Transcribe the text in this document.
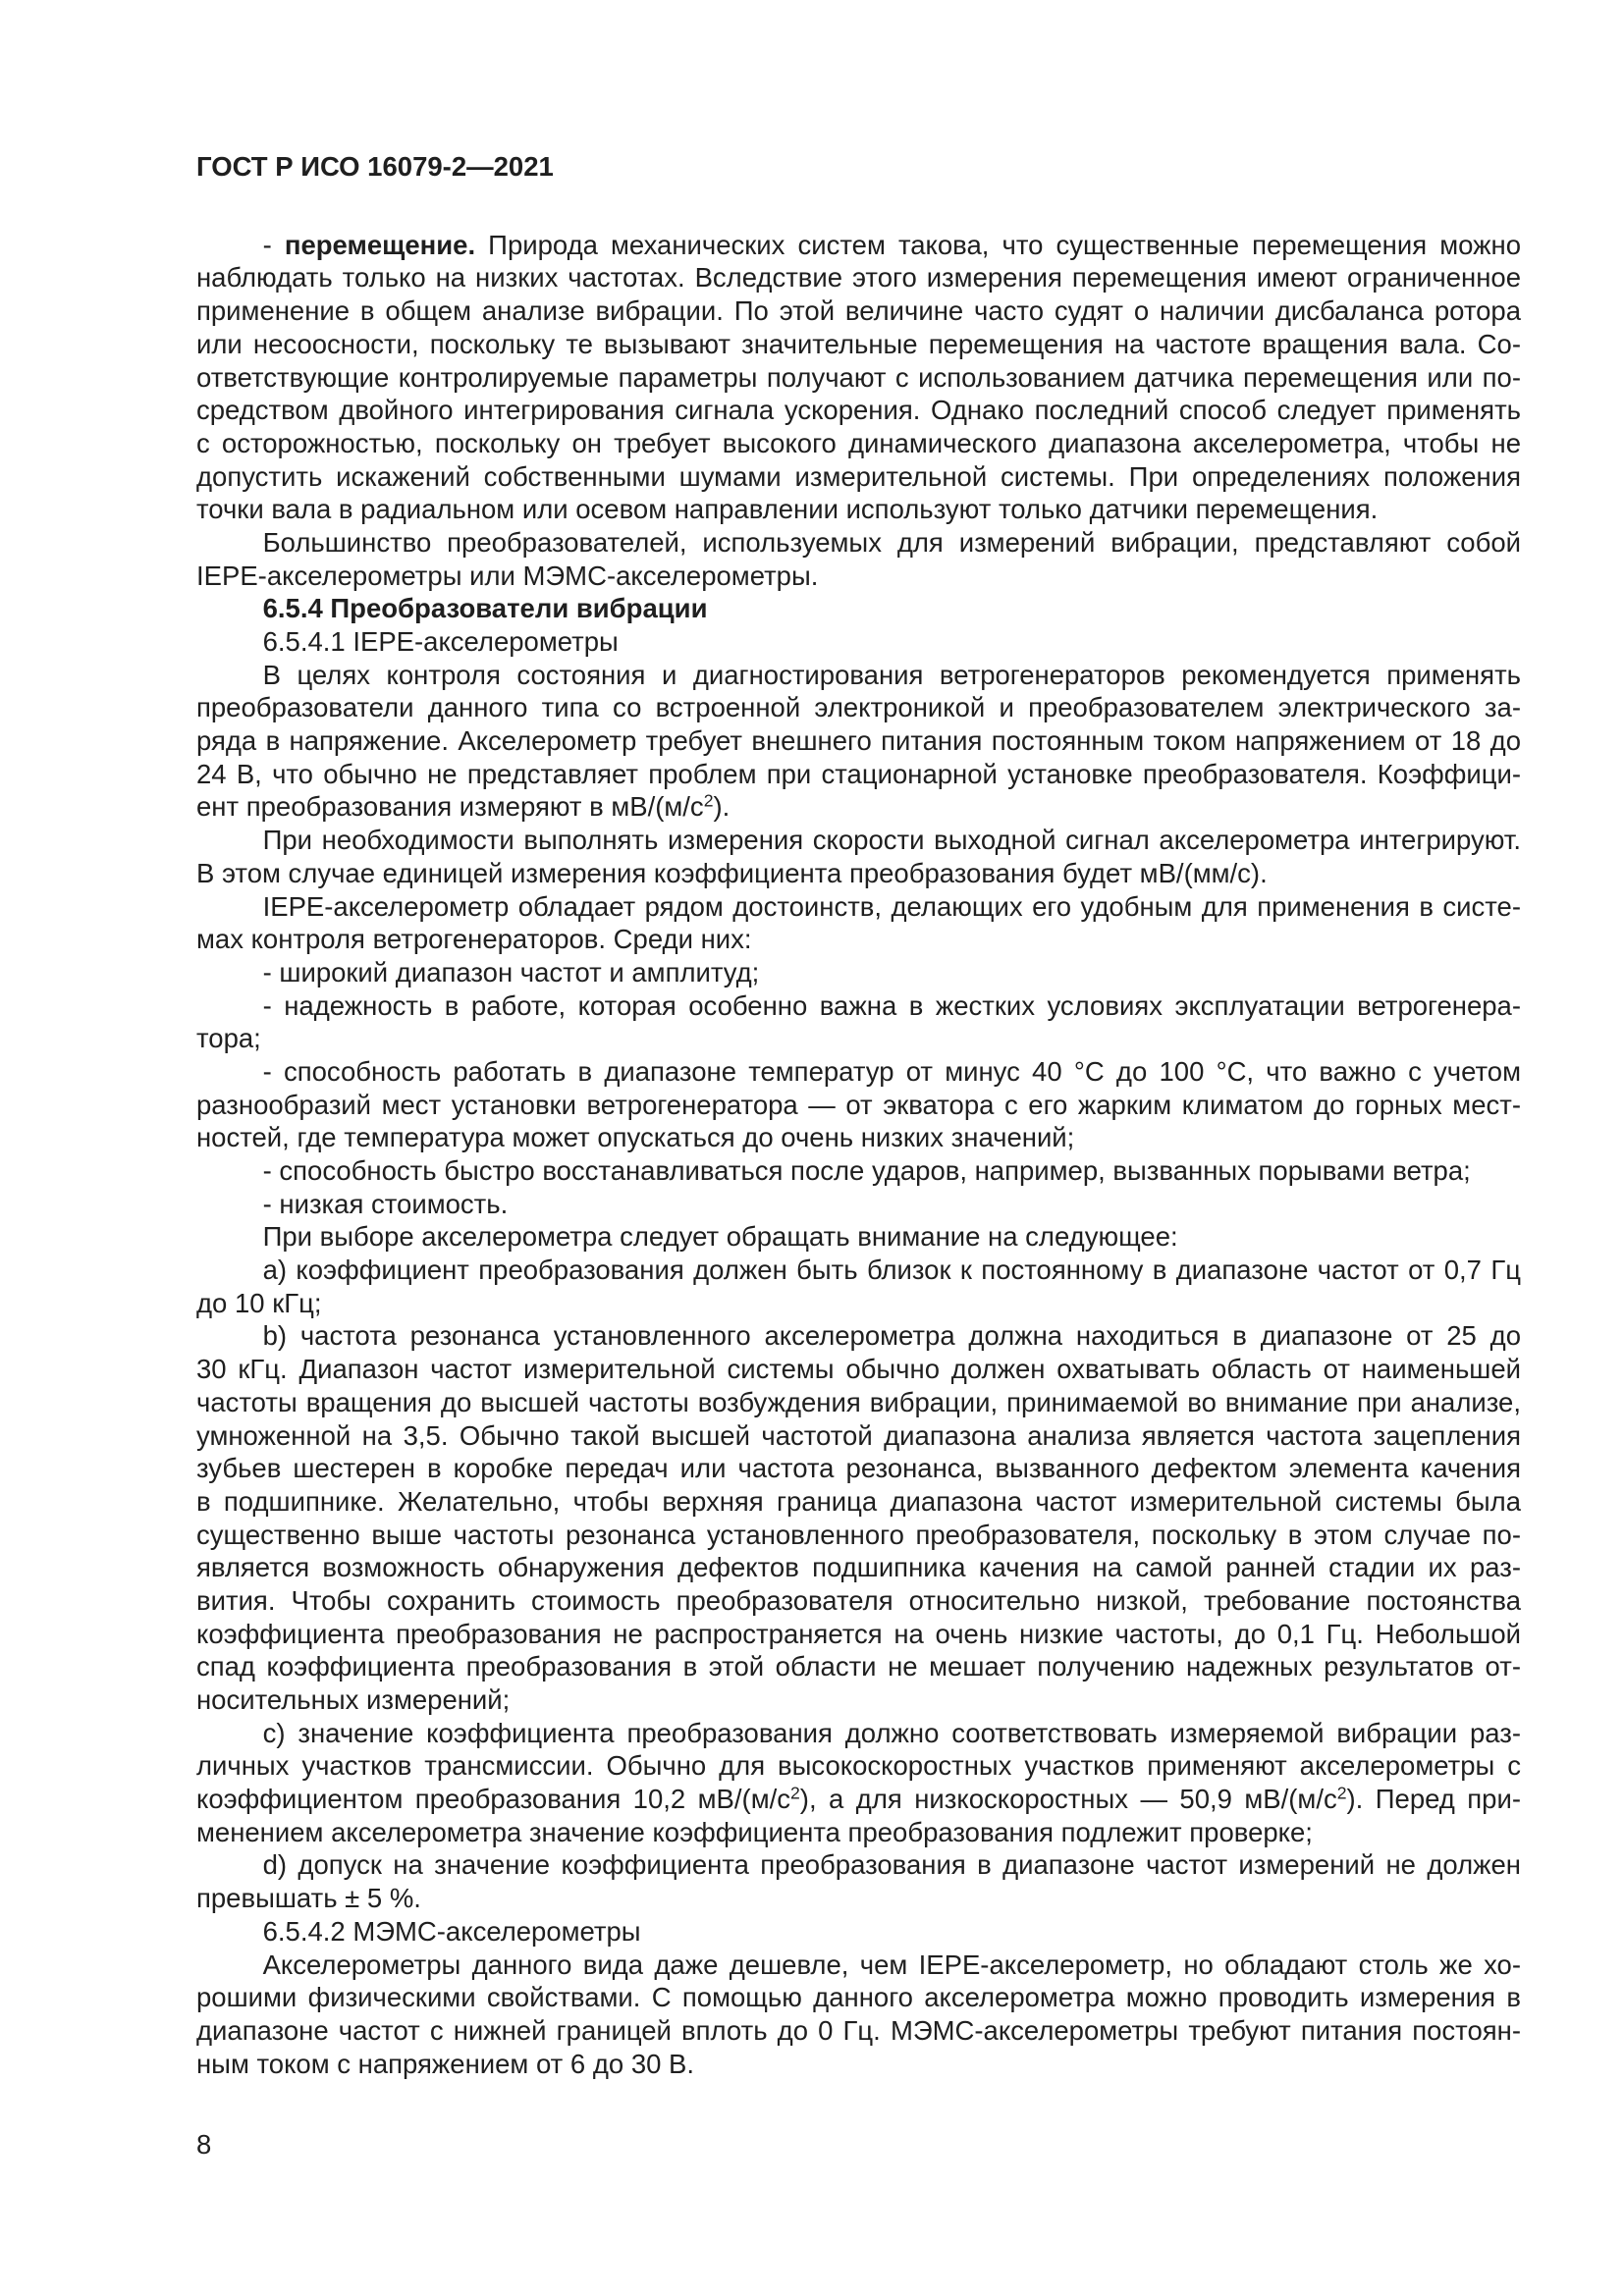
ГОСТ Р ИСО 16079-2—2021
- перемещение. Природа механических систем такова, что существенные перемещения можно
наблюдать только на низких частотах. Вследствие этого измерения перемещения имеют ограниченное
применение в общем анализе вибрации. По этой величине часто судят о наличии дисбаланса ротора
или несоосности, поскольку те вызывают значительные перемещения на частоте вращения вала. Со-
ответствующие контролируемые параметры получают с использованием датчика перемещения или по-
средством двойного интегрирования сигнала ускорения. Однако последний способ следует применять
с осторожностью, поскольку он требует высокого динамического диапазона акселерометра, чтобы не
допустить искажений собственными шумами измерительной системы. При определениях положения
точки вала в радиальном или осевом направлении используют только датчики перемещения.
Большинство преобразователей, используемых для измерений вибрации, представляют собой
IEPE-акселерометры или МЭМС-акселерометры.
6.5.4 Преобразователи вибрации
6.5.4.1 IEPE-акселерометры
В целях контроля состояния и диагностирования ветрогенераторов рекомендуется применять
преобразователи данного типа со встроенной электроникой и преобразователем электрического за-
ряда в напряжение. Акселерометр требует внешнего питания постоянным током напряжением от 18 до
24 В, что обычно не представляет проблем при стационарной установке преобразователя. Коэффици-
ент преобразования измеряют в $мВ/(м/с^2)$.
При необходимости выполнять измерения скорости выходной сигнал акселерометра интегрируют.
В этом случае единицей измерения коэффициента преобразования будет мВ/(мм/с).
IEPE-акселерометр обладает рядом достоинств, делающих его удобным для применения в систе-
мах контроля ветрогенераторов. Среди них:
- широкий диапазон частот и амплитуд;
- надежность в работе, которая особенно важна в жестких условиях эксплуатации ветрогенера-
тора;
- способность работать в диапазоне температур от минус 40 °С до 100 °С, что важно с учетом
разнообразий мест установки ветрогенератора — от экватора с его жарким климатом до горных мест-
ностей, где температура может опускаться до очень низких значений;
- способность быстро восстанавливаться после ударов, например, вызванных порывами ветра;
- низкая стоимость.
При выборе акселерометра следует обращать внимание на следующее:
a) коэффициент преобразования должен быть близок к постоянному в диапазоне частот от 0,7 Гц
до 10 кГц;
b) частота резонанса установленного акселерометра должна находиться в диапазоне от 25 до
30 кГц. Диапазон частот измерительной системы обычно должен охватывать область от наименьшей
частоты вращения до высшей частоты возбуждения вибрации, принимаемой во внимание при анализе,
умноженной на 3,5. Обычно такой высшей частотой диапазона анализа является частота зацепления
зубьев шестерен в коробке передач или частота резонанса, вызванного дефектом элемента качения
в подшипнике. Желательно, чтобы верхняя граница диапазона частот измерительной системы была
существенно выше частоты резонанса установленного преобразователя, поскольку в этом случае по-
является возможность обнаружения дефектов подшипника качения на самой ранней стадии их раз-
вития. Чтобы сохранить стоимость преобразователя относительно низкой, требование постоянства
коэффициента преобразования не распространяется на очень низкие частоты, до 0,1 Гц. Небольшой
спад коэффициента преобразования в этой области не мешает получению надежных результатов от-
носительных измерений;
c) значение коэффициента преобразования должно соответствовать измеряемой вибрации раз-
личных участков трансмиссии. Обычно для высокоскоростных участков применяют акселерометры с
коэффициентом преобразования 10,2 $мВ/(м/с^2)$, а для низкоскоростных — 50,9 $мВ/(м/с^2)$. Перед при-
менением акселерометра значение коэффициента преобразования подлежит проверке;
d) допуск на значение коэффициента преобразования в диапазоне частот измерений не должен
превышать ± 5 %.
6.5.4.2 МЭМС-акселерометры
Акселерометры данного вида даже дешевле, чем IEPE-акселерометр, но обладают столь же хо-
рошими физическими свойствами. С помощью данного акселерометра можно проводить измерения в
диапазоне частот с нижней границей вплоть до 0 Гц. МЭМС-акселерометры требуют питания постоян-
ным током с напряжением от 6 до 30 В.
8
